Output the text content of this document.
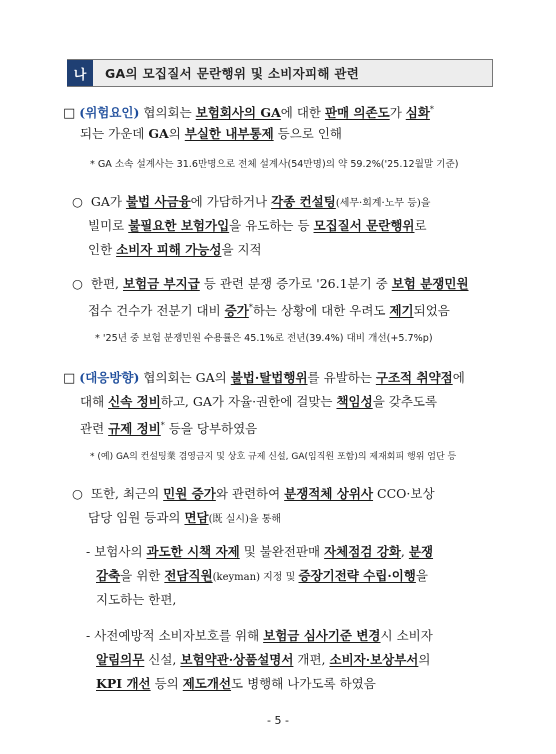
나	GA의 모집질서 문란행위 및 소비자피해 관련
□ (위험요인) 협의회는 보험회사의 GA에 대한 판매 의존도가 심화*
되는 가운데 GA의 부실한 내부통제 등으로 인해
* GA 소속 설계사는 31.6만명으로 전체 설계사(54만명)의 약 59.2%('25.12월말 기준)
○ GA가 불법 사금융에 가담하거나 각종 컨설팅(세무·회계·노무 등)을
빌미로 불필요한 보험가입을 유도하는 등 모집질서 문란행위로
인한 소비자 피해 가능성을 지적
○ 한편, 보험금 부지급 등 관련 분쟁 증가로 '26.1분기 중 보험 분쟁민원
접수 건수가 전분기 대비 증가*하는 상황에 대한 우려도 제기되었음
* '25년 중 보험 분쟁민원 수용률은 45.1%로 전년(39.4%) 대비 개선(+5.7%p)
□ (대응방향) 협의회는 GA의 불법·탈법행위를 유발하는 구조적 취약점에
대해 신속 정비하고, GA가 자율·권한에 걸맞는 책임성을 갖추도록
관련 규제 정비* 등을 당부하였음
* (예) GA의 컨설팅業 겸영금지 및 상호 규제 신설, GA(임직원 포함)의 제재회피 행위 엄단 등
○ 또한, 최근의 민원 증가와 관련하여 분쟁적체 상위사 CCO·보상
담당 임원 등과의 면담(既 실시)을 통해
- 보험사의 과도한 시책 자제 및 불완전판매 자체점검 강화, 분쟁
감축을 위한 전담직원(keyman) 지정 및 증장기전략 수립·이행을
지도하는 한편,
- 사전예방적 소비자보호를 위해 보험금 심사기준 변경시 소비자
알림의무 신설, 보험약관·상품설명서 개편, 소비자·보상부서의
KPI 개선 등의 제도개선도 병행해 나가도록 하였음
- 5 -
